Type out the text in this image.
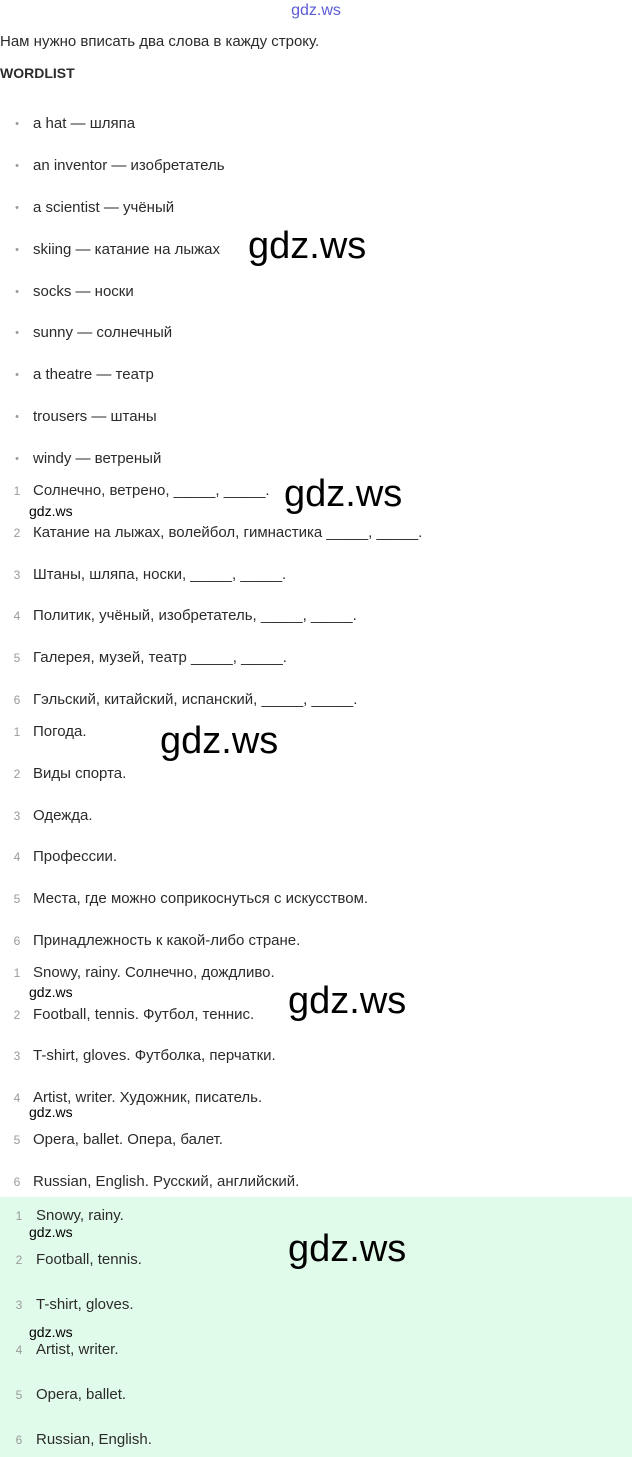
gdz.ws
Нам нужно вписать два слова в кажду строку.
WORDLIST
• a hat — шляпа
• an inventor — изобретатель
• a scientist — учёный
• skiing — катание на лыжах
• socks — носки
• sunny — солнечный
• a theatre — театр
• trousers — штаны
• windy — ветреный
1 Солнечно, ветрено, _____, _____.
2 Катание на лыжах, волейбол, гимнастика _____, _____.
3 Штаны, шляпа, носки, _____, _____.
4 Политик, учёный, изобретатель, _____, _____.
5 Галерея, музей, театр _____, _____.
6 Гэльский, китайский, испанский, _____, _____.
1 Погода.
2 Виды спорта.
3 Одежда.
4 Профессии.
5 Места, где можно соприкоснуться с искусством.
6 Принадлежность к какой-либо стране.
1 Snowy, rainy. Солнечно, дождливо.
2 Football, tennis. Футбол, теннис.
3 T-shirt, gloves. Футболка, перчатки.
4 Artist, writer. Художник, писатель.
5 Opera, ballet. Опера, балет.
6 Russian, English. Русский, английский.
1 Snowy, rainy.
2 Football, tennis.
3 T-shirt, gloves.
4 Artist, writer.
5 Opera, ballet.
6 Russian, English.
gdz.ws
gdz.ws
gdz.ws
gdz.ws
gdz.ws
gdz.ws
gdz.ws
gdz.ws
gdz.ws
gdz.ws
